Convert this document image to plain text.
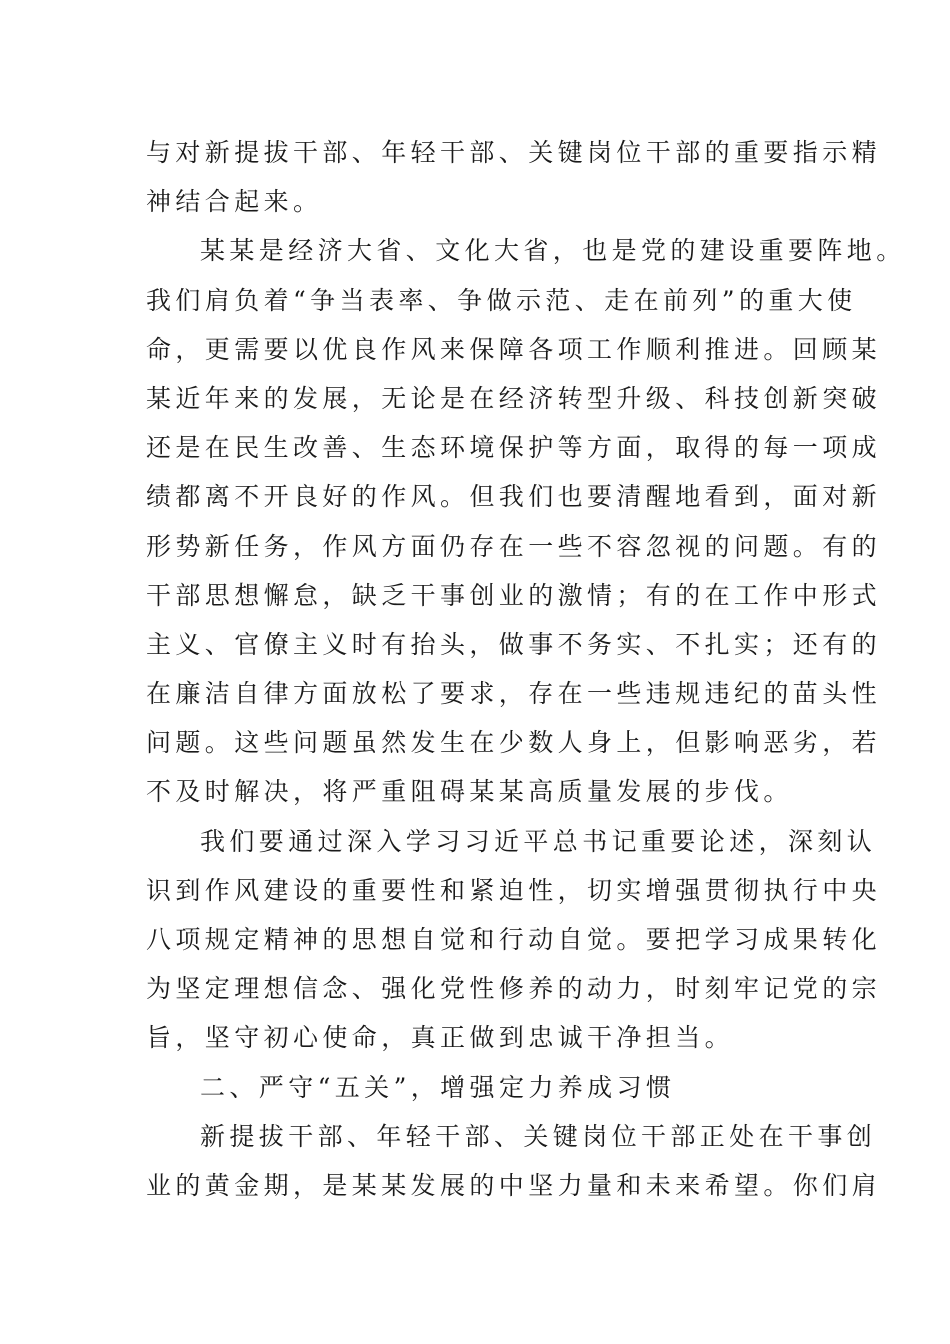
与对新提拔干部、年轻干部、关键岗位干部的重要指示精
神结合起来。
某某是经济大省、文化大省，也是党的建设重要阵地。
我们肩负着“争当表率、争做示范、走在前列”的重大使
命，更需要以优良作风来保障各项工作顺利推进。回顾某
某近年来的发展，无论是在经济转型升级、科技创新突破
还是在民生改善、生态环境保护等方面，取得的每一项成
绩都离不开良好的作风。但我们也要清醒地看到，面对新
形势新任务，作风方面仍存在一些不容忽视的问题。有的
干部思想懈怠，缺乏干事创业的激情；有的在工作中形式
主义、官僚主义时有抬头，做事不务实、不扎实；还有的
在廉洁自律方面放松了要求，存在一些违规违纪的苗头性
问题。这些问题虽然发生在少数人身上，但影响恶劣，若
不及时解决，将严重阻碍某某高质量发展的步伐。
我们要通过深入学习习近平总书记重要论述，深刻认
识到作风建设的重要性和紧迫性，切实增强贯彻执行中央
八项规定精神的思想自觉和行动自觉。要把学习成果转化
为坚定理想信念、强化党性修养的动力，时刻牢记党的宗
旨，坚守初心使命，真正做到忠诚干净担当。
二、严守“五关”，增强定力养成习惯
新提拔干部、年轻干部、关键岗位干部正处在干事创
业的黄金期，是某某发展的中坚力量和未来希望。你们肩
